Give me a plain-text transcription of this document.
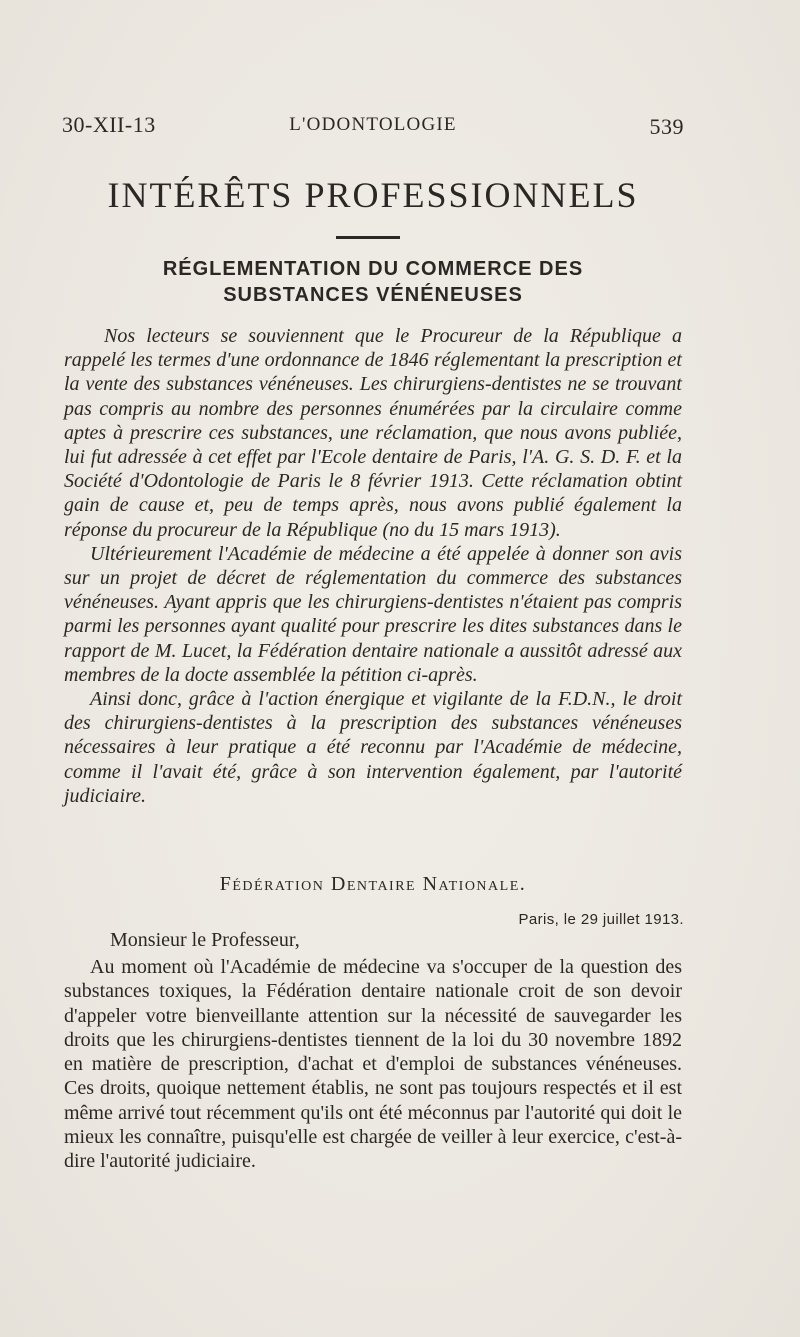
30-XII-13	L'ODONTOLOGIE	539
INTÉRÊTS PROFESSIONNELS
RÉGLEMENTATION DU COMMERCE DES
SUBSTANCES VÉNÉNEUSES

Nos lecteurs se souviennent que le Procureur de la République a rappelé les termes d'une ordonnance de 1846 réglementant la prescription et la vente des substances vénéneuses. Les chirurgiens-dentistes ne se trouvant pas compris au nombre des personnes énumérées par la circulaire comme aptes à prescrire ces substances, une réclamation, que nous avons publiée, lui fut adressée à cet effet par l'Ecole dentaire de Paris, l'A. G. S. D. F. et la Société d'Odontologie de Paris le 8 février 1913. Cette réclamation obtint gain de cause et, peu de temps après, nous avons publié également la réponse du procureur de la République (no du 15 mars 1913).

Ultérieurement l'Académie de médecine a été appelée à donner son avis sur un projet de décret de réglementation du commerce des substances vénéneuses. Ayant appris que les chirurgiens-dentistes n'étaient pas compris parmi les personnes ayant qualité pour prescrire les dites substances dans le rapport de M. Lucet, la Fédération dentaire nationale a aussitôt adressé aux membres de la docte assemblée la pétition ci-après.

Ainsi donc, grâce à l'action énergique et vigilante de la F.D.N., le droit des chirurgiens-dentistes à la prescription des substances vénéneuses nécessaires à leur pratique a été reconnu par l'Académie de médecine, comme il l'avait été, grâce à son intervention également, par l'autorité judiciaire.

Fédération Dentaire Nationale.
Paris, le 29 juillet 1913.
Monsieur le Professeur,

Au moment où l'Académie de médecine va s'occuper de la question des substances toxiques, la Fédération dentaire nationale croit de son devoir d'appeler votre bienveillante attention sur la nécessité de sauvegarder les droits que les chirurgiens-dentistes tiennent de la loi du 30 novembre 1892 en matière de prescription, d'achat et d'emploi de substances vénéneuses. Ces droits, quoique nettement établis, ne sont pas toujours respectés et il est même arrivé tout récemment qu'ils ont été méconnus par l'autorité qui doit le mieux les connaître, puisqu'elle est chargée de veiller à leur exercice, c'est-à-dire l'autorité judiciaire.
